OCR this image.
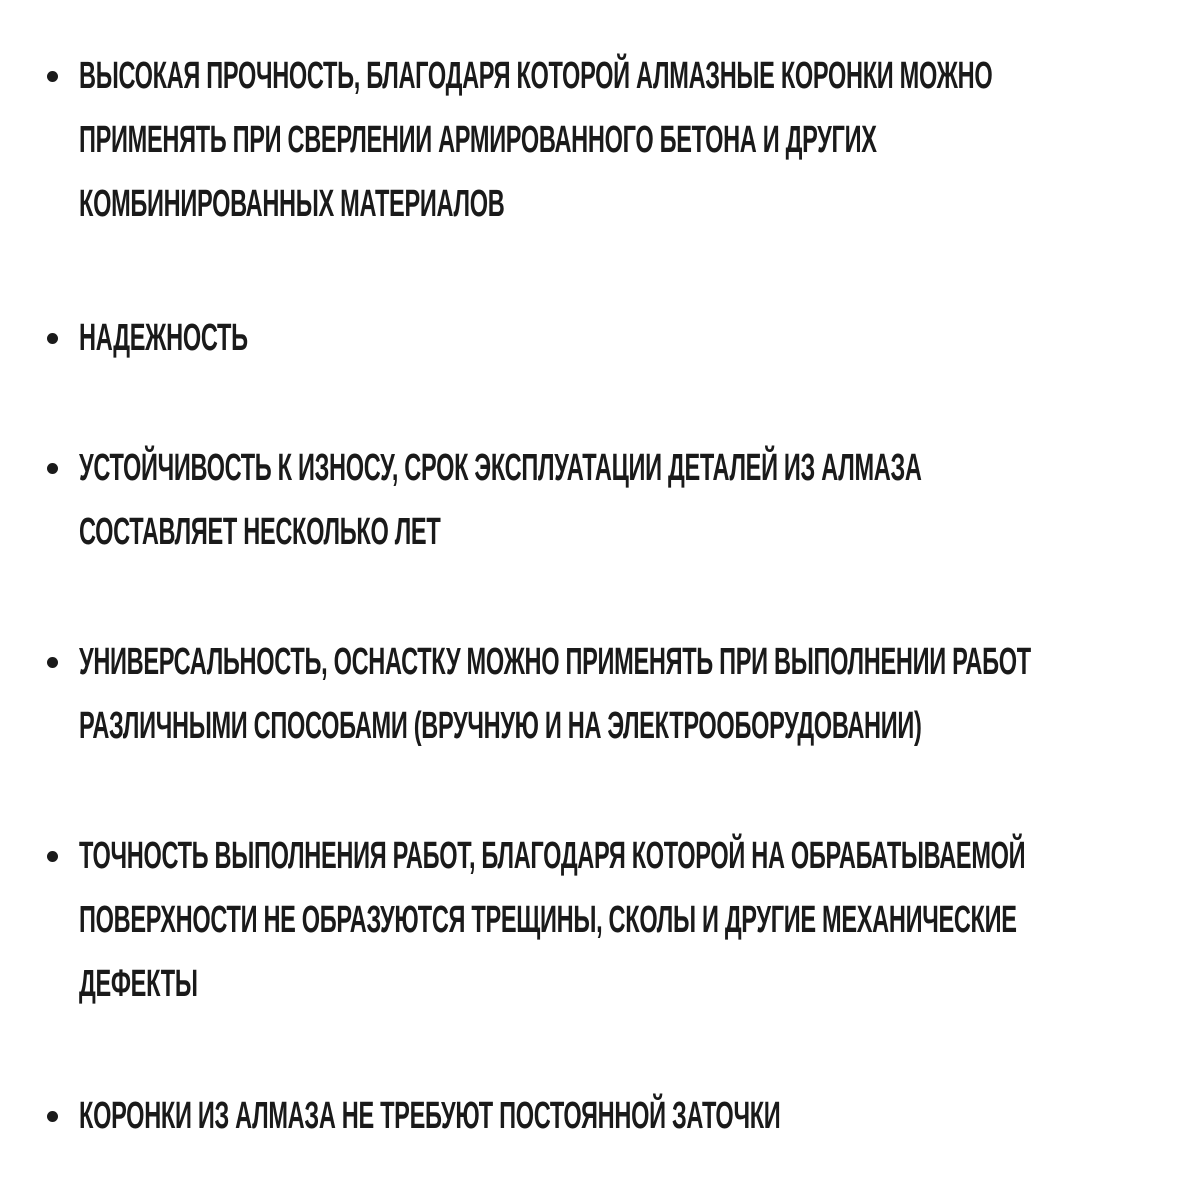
ВЫСОКАЯ ПРОЧНОСТЬ, БЛАГОДАРЯ КОТОРОЙ АЛМАЗНЫЕ КОРОНКИ МОЖНО
ПРИМЕНЯТЬ ПРИ СВЕРЛЕНИИ АРМИРОВАННОГО БЕТОНА И ДРУГИХ
КОМБИНИРОВАННЫХ МАТЕРИАЛОВ
НАДЕЖНОСТЬ
УСТОЙЧИВОСТЬ К ИЗНОСУ, СРОК ЭКСПЛУАТАЦИИ ДЕТАЛЕЙ ИЗ АЛМАЗА
СОСТАВЛЯЕТ НЕСКОЛЬКО ЛЕТ
УНИВЕРСАЛЬНОСТЬ, ОСНАСТКУ МОЖНО ПРИМЕНЯТЬ ПРИ ВЫПОЛНЕНИИ РАБОТ
РАЗЛИЧНЫМИ СПОСОБАМИ (ВРУЧНУЮ И НА ЭЛЕКТРООБОРУДОВАНИИ)
ТОЧНОСТЬ ВЫПОЛНЕНИЯ РАБОТ, БЛАГОДАРЯ КОТОРОЙ НА ОБРАБАТЫВАЕМОЙ
ПОВЕРХНОСТИ НЕ ОБРАЗУЮТСЯ ТРЕЩИНЫ, СКОЛЫ И ДРУГИЕ МЕХАНИЧЕСКИЕ
ДЕФЕКТЫ
КОРОНКИ ИЗ АЛМАЗА НЕ ТРЕБУЮТ ПОСТОЯННОЙ ЗАТОЧКИ
